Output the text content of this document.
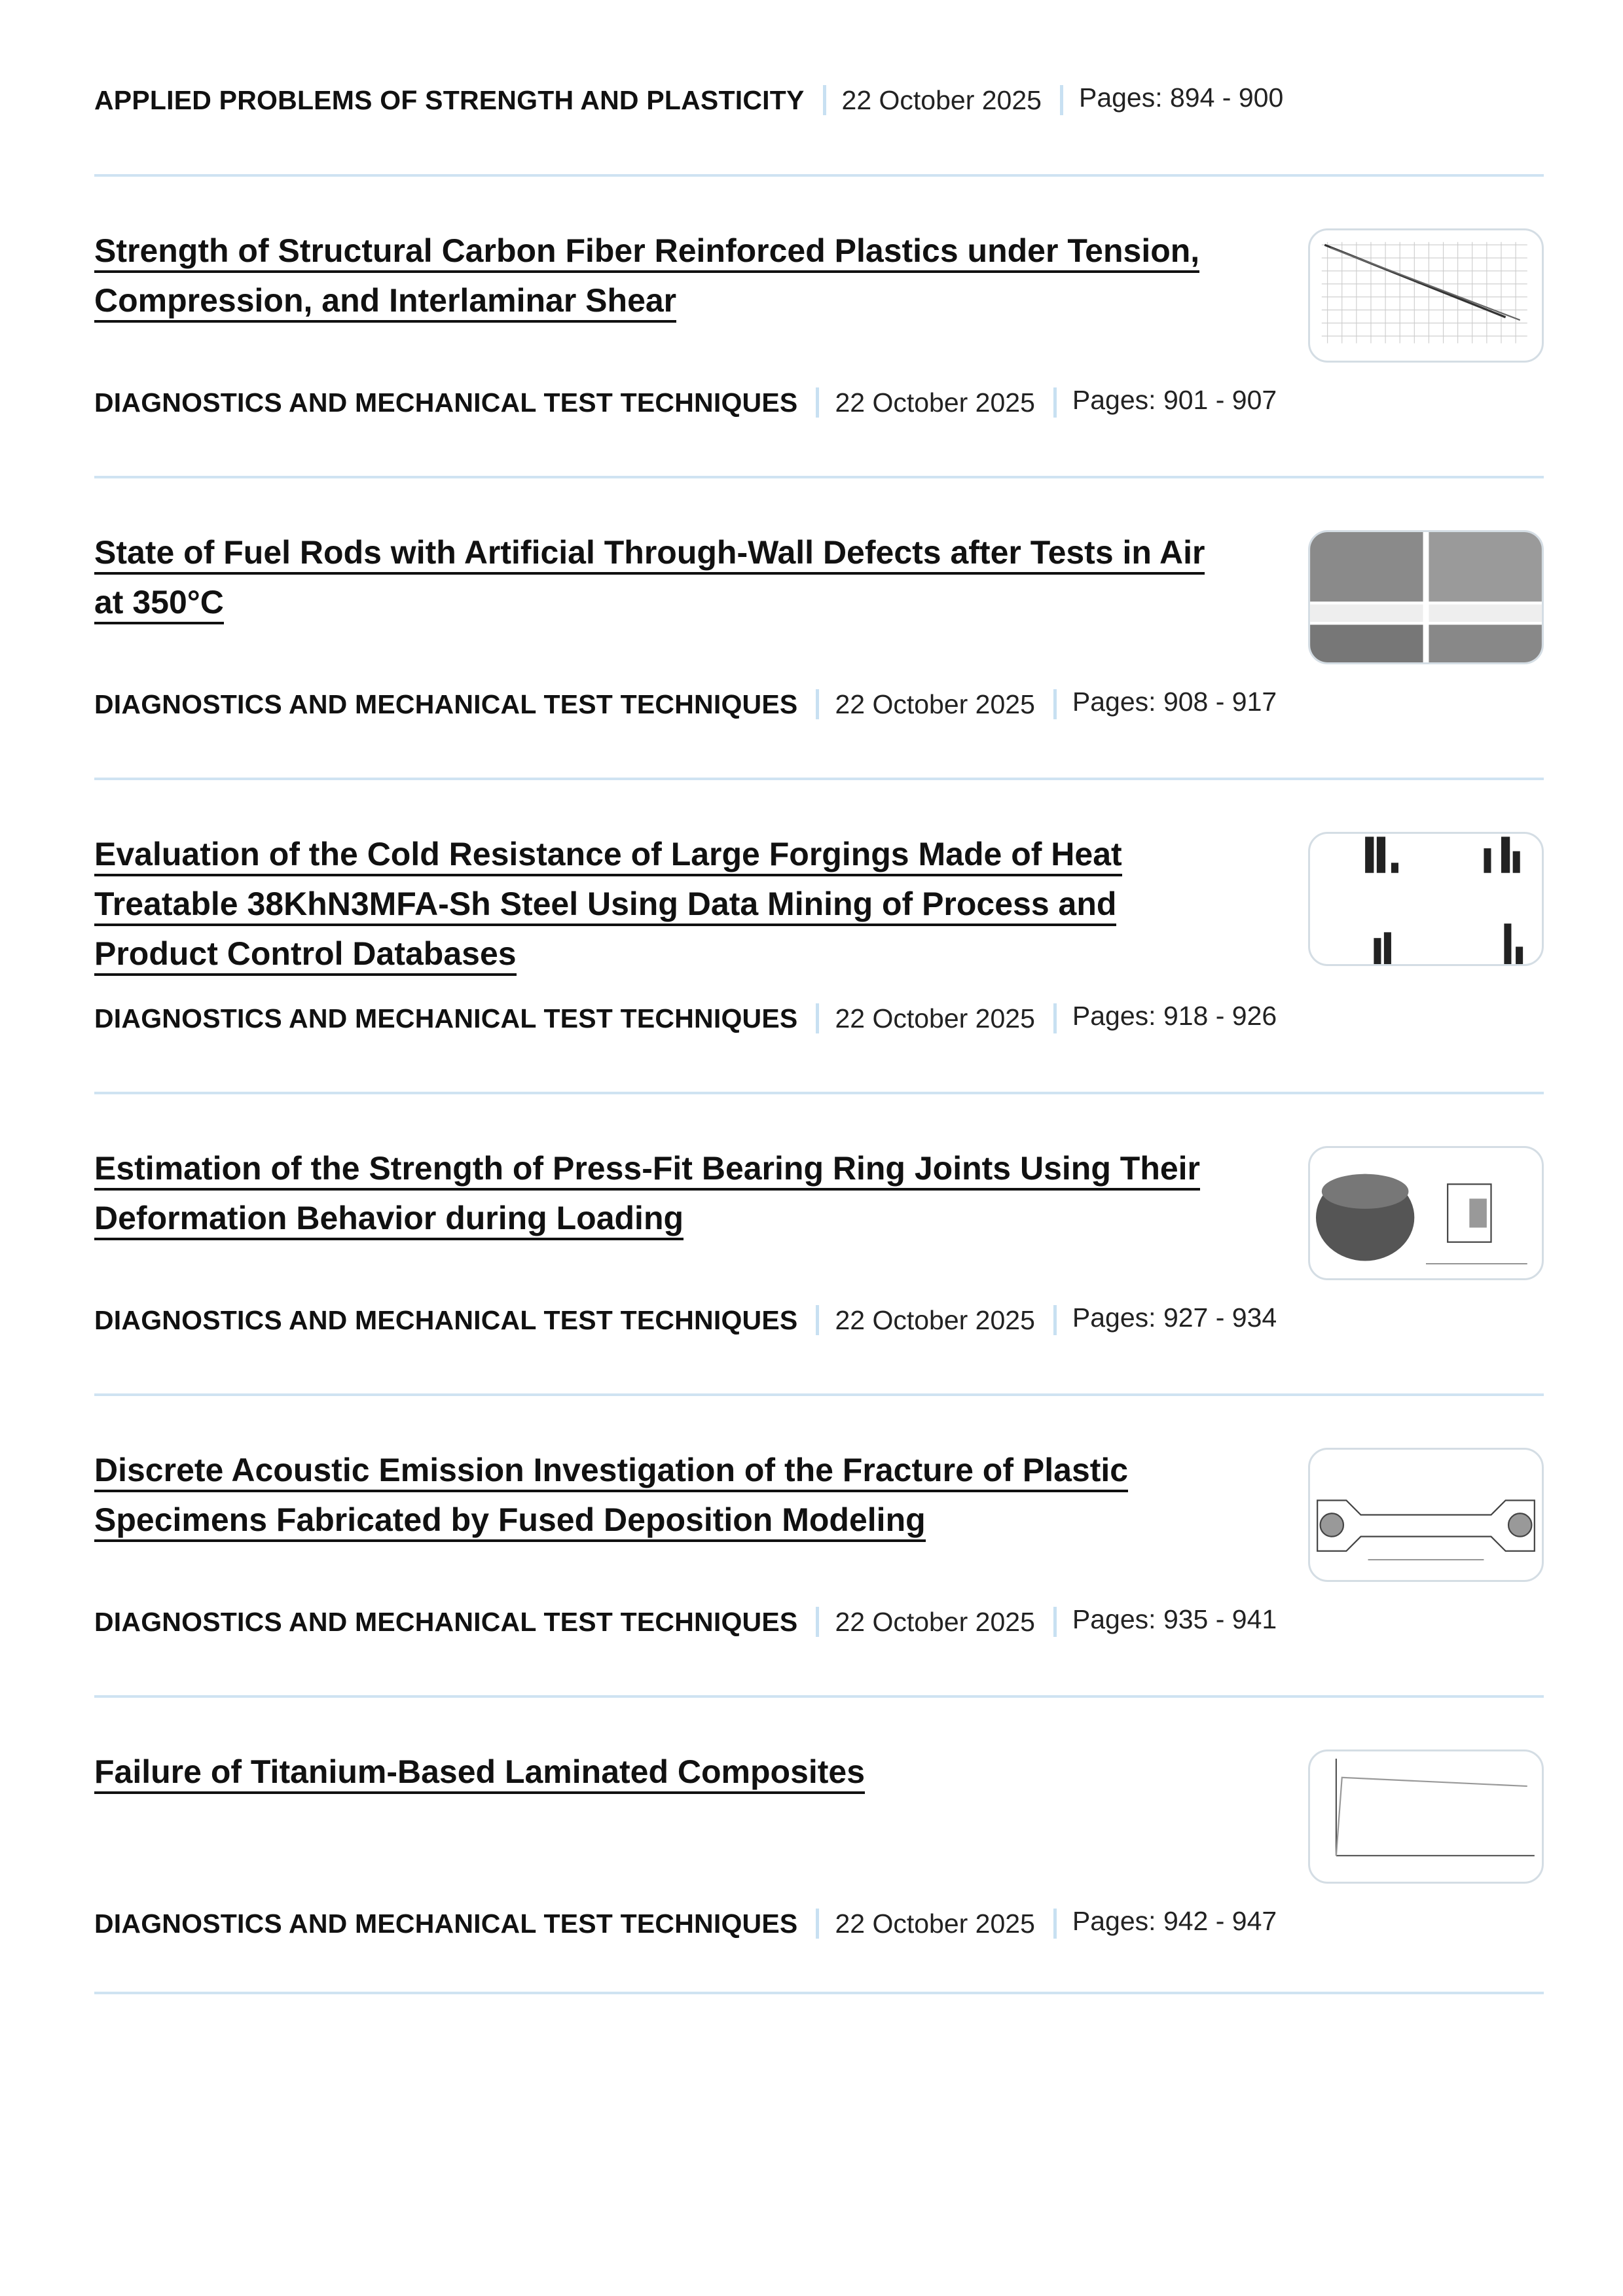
APPLIED PROBLEMS OF STRENGTH AND PLASTICITY 22 October 2025 Pages: 894 - 900
Strength of Structural Carbon Fiber Reinforced Plastics under Tension, Compression, and Interlaminar Shear
DIAGNOSTICS AND MECHANICAL TEST TECHNIQUES 22 October 2025 Pages: 901 - 907
State of Fuel Rods with Artificial Through-Wall Defects after Tests in Air at 350°C
DIAGNOSTICS AND MECHANICAL TEST TECHNIQUES 22 October 2025 Pages: 908 - 917
Evaluation of the Cold Resistance of Large Forgings Made of Heat Treatable 38KhN3MFA-Sh Steel Using Data Mining of Process and Product Control Databases
DIAGNOSTICS AND MECHANICAL TEST TECHNIQUES 22 October 2025 Pages: 918 - 926
Estimation of the Strength of Press-Fit Bearing Ring Joints Using Their Deformation Behavior during Loading
DIAGNOSTICS AND MECHANICAL TEST TECHNIQUES 22 October 2025 Pages: 927 - 934
Discrete Acoustic Emission Investigation of the Fracture of Plastic Specimens Fabricated by Fused Deposition Modeling
DIAGNOSTICS AND MECHANICAL TEST TECHNIQUES 22 October 2025 Pages: 935 - 941
Failure of Titanium-Based Laminated Composites
DIAGNOSTICS AND MECHANICAL TEST TECHNIQUES 22 October 2025 Pages: 942 - 947
